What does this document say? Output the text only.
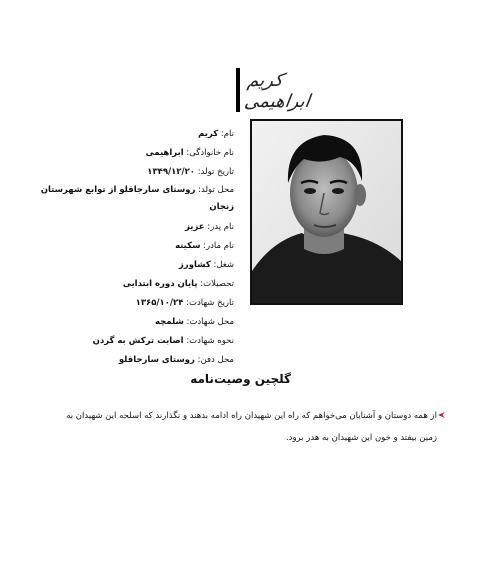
کریم ابراهیمی
نام: کریم
نام خانوادگی: ابراهیمی
تاریخ تولد: ۱۳۴۹/۱۲/۲۰
محل تولد: روستای سارجاقلو از توابع شهرستان زنجان
نام پدر: عزیز
نام مادر: سکینه
شغل: کشاورز
تحصیلات: پایان دوره ابتدایی
تاریخ شهادت: ۱۳۶۵/۱۰/۲۴
محل شهادت: شلمچه
نحوه شهادت: اصابت ترکش به گردن
محل دفن: روستای سارجاقلو
گلچین وصیت‌نامه
از همه دوستان و آشنایان می‌خواهم که راه این شهیدان راه ادامه بدهند و نگذارند که اسلحه این شهیدان به زمین بیفتد و خون این شهیدان به هدر برود.
